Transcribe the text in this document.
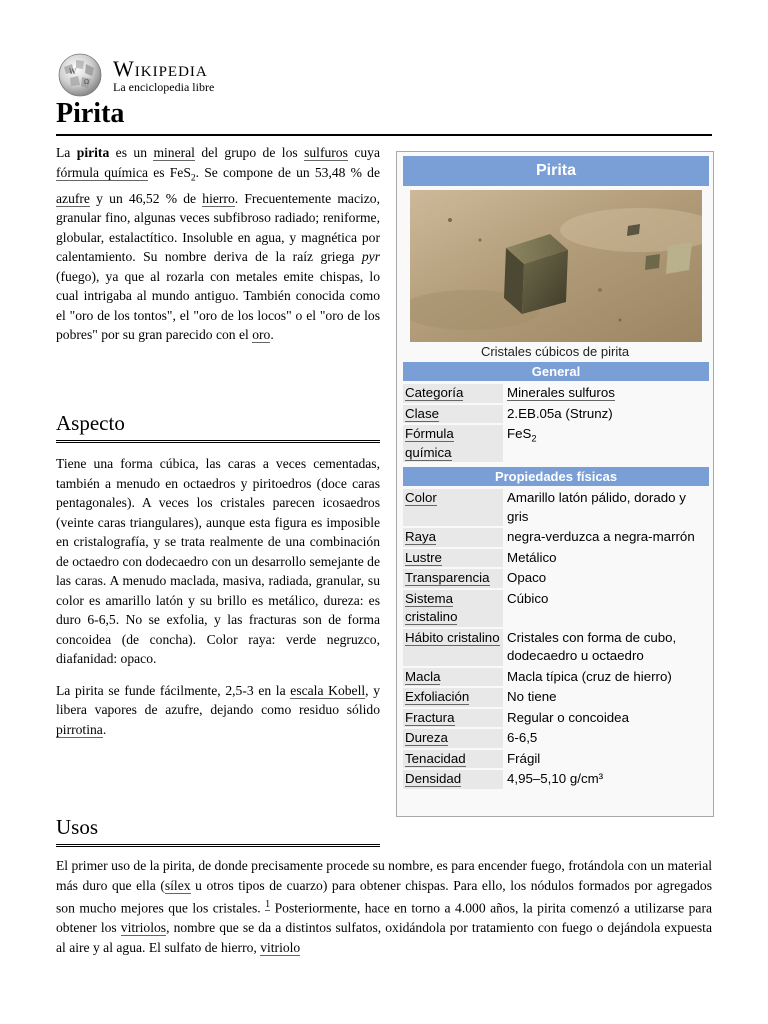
W
Ω
Wikipedia
La enciclopedia libre
Pirita

La pirita es un mineral del grupo de los sulfuros cuya fórmula química es FeS$_2$. Se compone de un 53,48 % de azufre y un 46,52 % de hierro. Frecuentemente macizo, granular fino, algunas veces subfibroso radiado; reniforme, globular, estalactítico. Insoluble en agua, y magnética por calentamiento. Su nombre deriva de la raíz griega pyr (fuego), ya que al rozarla con metales emite chispas, lo cual intrigaba al mundo antiguo. También conocida como el "oro de los tontos", el "oro de los locos" o el "oro de los pobres" por su gran parecido con el oro.

Aspecto

Tiene una forma cúbica, las caras a veces cementadas, también a menudo en octaedros y piritoedros (doce caras pentagonales). A veces los cristales parecen icosaedros (veinte caras triangulares), aunque esta figura es imposible en cristalografía, y se trata realmente de una combinación de octaedro con dodecaedro con un desarrollo semejante de las caras. A menudo maclada, masiva, radiada, granular, su color es amarillo latón y su brillo es metálico, dureza: es duro 6-6,5. No se exfolia, y las fracturas son de forma concoidea (de concha). Color raya: verde negruzco, diafanidad: opaco.

La pirita se funde fácilmente, 2,5-3 en la escala Kobell, y libera vapores de azufre, dejando como residuo sólido pirrotina.

Usos

El primer uso de la pirita, de donde precisamente procede su nombre, es para encender fuego, frotándola con un material más duro que ella (sílex u otros tipos de cuarzo) para obtener chispas. Para ello, los nódulos formados por agregados son mucho mejores que los cristales. $^1$ Posteriormente, hace en torno a 4.000 años, la pirita comenzó a utilizarse para obtener los vitriolos, nombre que se da a distintos sulfatos, oxidándola por tratamiento con fuego o dejándola expuesta al aire y al agua. El sulfato de hierro, vitriolo

Pirita
Cristales cúbicos de pirita
General
Categoría	Minerales sulfuros
Clase	2.EB.05a (Strunz)
Fórmula química	FeS$_2$
Propiedades físicas
Color	Amarillo latón pálido, dorado y gris
Raya	negra-verduzca a negra-marrón
Lustre	Metálico
Transparencia	Opaco
Sistema cristalino	Cúbico
Hábito cristalino	Cristales con forma de cubo, dodecaedro u octaedro
Macla	Macla típica (cruz de hierro)
Exfoliación	No tiene
Fractura	Regular o concoidea
Dureza	6-6,5
Tenacidad	Frágil
Densidad	4,95–5,10 g/cm³
